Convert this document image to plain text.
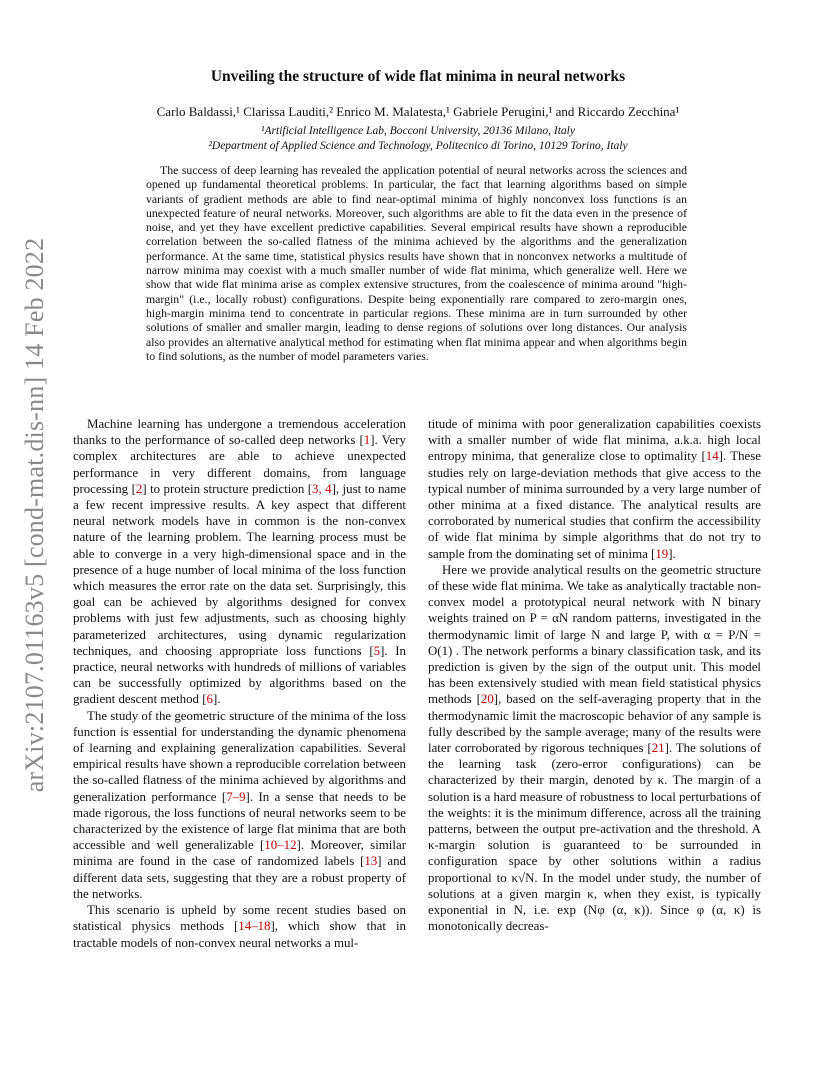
arXiv:2107.01163v5 [cond-mat.dis-nn] 14 Feb 2022
Unveiling the structure of wide flat minima in neural networks
Carlo Baldassi,¹ Clarissa Lauditi,² Enrico M. Malatesta,¹ Gabriele Perugini,¹ and Riccardo Zecchina¹
¹Artificial Intelligence Lab, Bocconi University, 20136 Milano, Italy
²Department of Applied Science and Technology, Politecnico di Torino, 10129 Torino, Italy
The success of deep learning has revealed the application potential of neural networks across the sciences and opened up fundamental theoretical problems. In particular, the fact that learning algorithms based on simple variants of gradient methods are able to find near-optimal minima of highly nonconvex loss functions is an unexpected feature of neural networks. Moreover, such algorithms are able to fit the data even in the presence of noise, and yet they have excellent predictive capabilities. Several empirical results have shown a reproducible correlation between the so-called flatness of the minima achieved by the algorithms and the generalization performance. At the same time, statistical physics results have shown that in nonconvex networks a multitude of narrow minima may coexist with a much smaller number of wide flat minima, which generalize well. Here we show that wide flat minima arise as complex extensive structures, from the coalescence of minima around "high-margin" (i.e., locally robust) configurations. Despite being exponentially rare compared to zero-margin ones, high-margin minima tend to concentrate in particular regions. These minima are in turn surrounded by other solutions of smaller and smaller margin, leading to dense regions of solutions over long distances. Our analysis also provides an alternative analytical method for estimating when flat minima appear and when algorithms begin to find solutions, as the number of model parameters varies.

Machine learning has undergone a tremendous acceleration thanks to the performance of so-called deep networks [1]. Very complex architectures are able to achieve unexpected performance in very different domains, from language processing [2] to protein structure prediction [3, 4], just to name a few recent impressive results. A key aspect that different neural network models have in common is the non-convex nature of the learning problem. The learning process must be able to converge in a very high-dimensional space and in the presence of a huge number of local minima of the loss function which measures the error rate on the data set. Surprisingly, this goal can be achieved by algorithms designed for convex problems with just few adjustments, such as choosing highly parameterized architectures, using dynamic regularization techniques, and choosing appropriate loss functions [5]. In practice, neural networks with hundreds of millions of variables can be successfully optimized by algorithms based on the gradient descent method [6].

The study of the geometric structure of the minima of the loss function is essential for understanding the dynamic phenomena of learning and explaining generalization capabilities. Several empirical results have shown a reproducible correlation between the so-called flatness of the minima achieved by algorithms and generalization performance [7–9]. In a sense that needs to be made rigorous, the loss functions of neural networks seem to be characterized by the existence of large flat minima that are both accessible and well generalizable [10–12]. Moreover, similar minima are found in the case of randomized labels [13] and different data sets, suggesting that they are a robust property of the networks.

This scenario is upheld by some recent studies based on statistical physics methods [14–18], which show that in tractable models of non-convex neural networks a mul-

titude of minima with poor generalization capabilities coexists with a smaller number of wide flat minima, a.k.a. high local entropy minima, that generalize close to optimality [14]. These studies rely on large-deviation methods that give access to the typical number of minima surrounded by a very large number of other minima at a fixed distance. The analytical results are corroborated by numerical studies that confirm the accessibility of wide flat minima by simple algorithms that do not try to sample from the dominating set of minima [19].

Here we provide analytical results on the geometric structure of these wide flat minima. We take as analytically tractable non-convex model a prototypical neural network with N binary weights trained on P = αN random patterns, investigated in the thermodynamic limit of large N and large P, with α = P/N = O(1) . The network performs a binary classification task, and its prediction is given by the sign of the output unit. This model has been extensively studied with mean field statistical physics methods [20], based on the self-averaging property that in the thermodynamic limit the macroscopic behavior of any sample is fully described by the sample average; many of the results were later corroborated by rigorous techniques [21]. The solutions of the learning task (zero-error configurations) can be characterized by their margin, denoted by κ. The margin of a solution is a hard measure of robustness to local perturbations of the weights: it is the minimum difference, across all the training patterns, between the output pre-activation and the threshold. A κ-margin solution is guaranteed to be surrounded in configuration space by other solutions within a radius proportional to κ√N. In the model under study, the number of solutions at a given margin κ, when they exist, is typically exponential in N, i.e. exp (Nφ (α, κ)). Since φ (α, κ) is monotonically decreas-
